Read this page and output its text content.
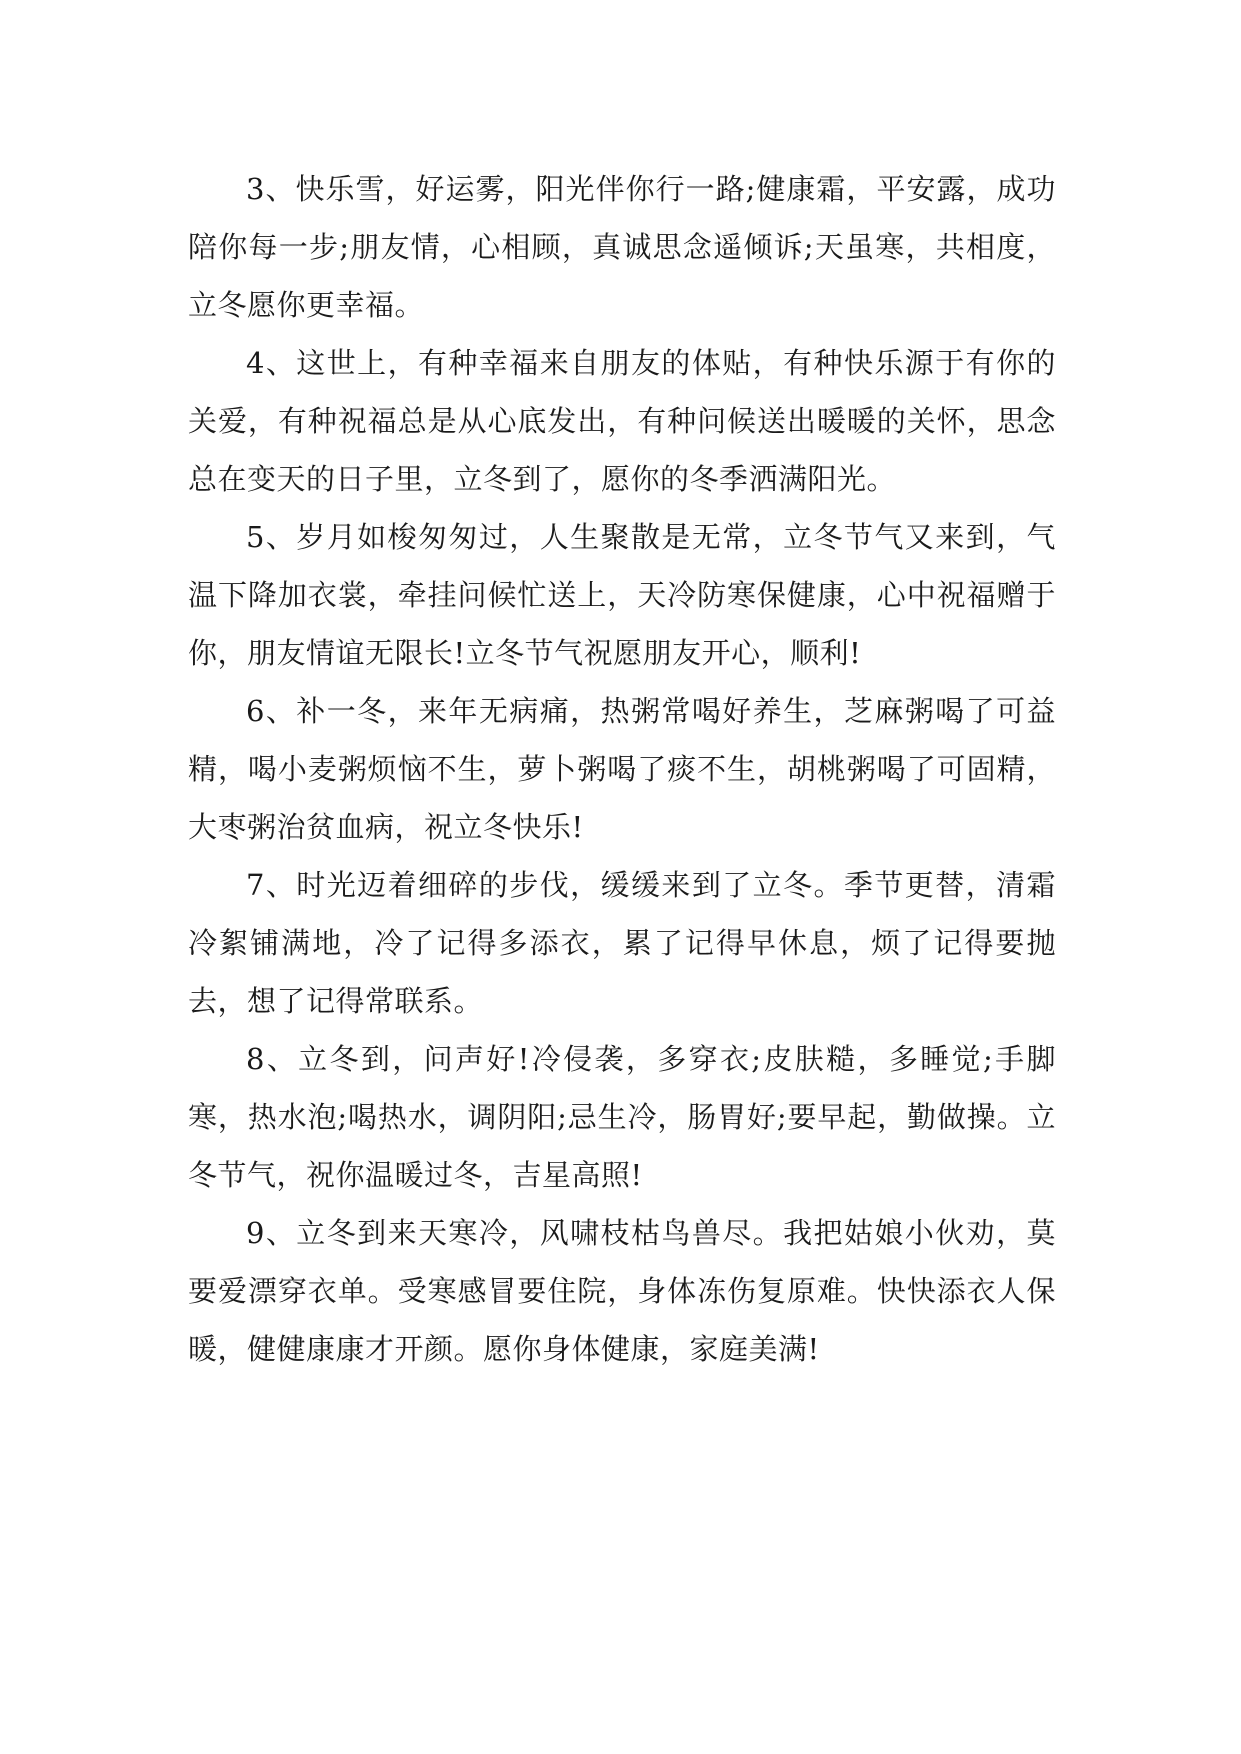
3、快乐雪，好运雾，阳光伴你行一路;健康霜，平安露，成功陪你每一步;朋友情，心相顾，真诚思念遥倾诉;天虽寒，共相度，立冬愿你更幸福。

4、这世上，有种幸福来自朋友的体贴，有种快乐源于有你的关爱，有种祝福总是从心底发出，有种问候送出暖暖的关怀，思念总在变天的日子里，立冬到了，愿你的冬季洒满阳光。

5、岁月如梭匆匆过，人生聚散是无常，立冬节气又来到，气温下降加衣裳，牵挂问候忙送上，天冷防寒保健康，心中祝福赠于你，朋友情谊无限长!立冬节气祝愿朋友开心，顺利!

6、补一冬，来年无病痛，热粥常喝好养生，芝麻粥喝了可益精，喝小麦粥烦恼不生，萝卜粥喝了痰不生，胡桃粥喝了可固精，大枣粥治贫血病，祝立冬快乐!

7、时光迈着细碎的步伐，缓缓来到了立冬。季节更替，清霜冷絮铺满地，冷了记得多添衣，累了记得早休息，烦了记得要抛去，想了记得常联系。

8、立冬到，问声好!冷侵袭，多穿衣;皮肤糙，多睡觉;手脚寒，热水泡;喝热水，调阴阳;忌生冷，肠胃好;要早起，勤做操。立冬节气，祝你温暖过冬，吉星高照!

9、立冬到来天寒冷，风啸枝枯鸟兽尽。我把姑娘小伙劝，莫要爱漂穿衣单。受寒感冒要住院，身体冻伤复原难。快快添衣人保暖，健健康康才开颜。愿你身体健康，家庭美满!
